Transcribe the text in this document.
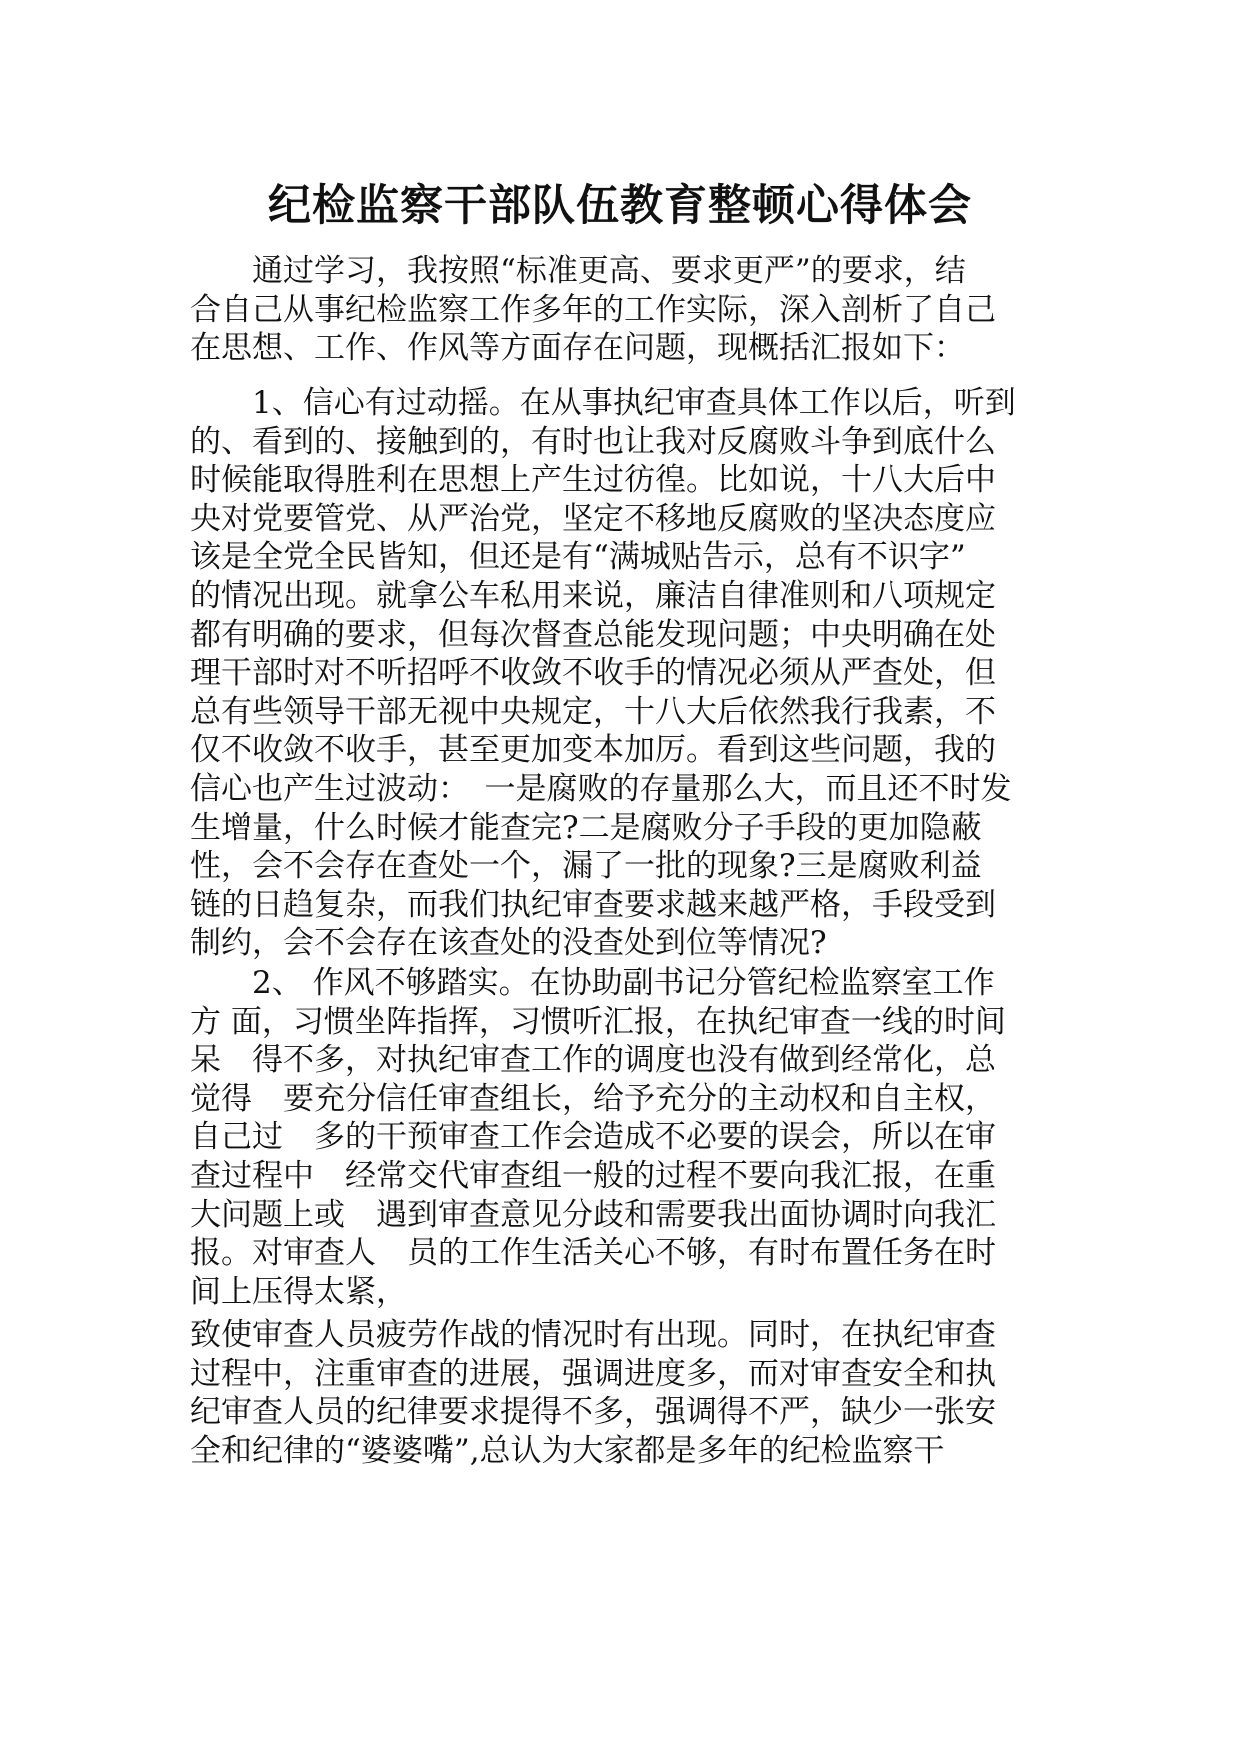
纪检监察干部队伍教育整顿心得体会
通过学习，我按照“标准更高、要求更严”的要求，结
合自己从事纪检监察工作多年的工作实际，深入剖析了自己
在思想、工作、作风等方面存在问题，现概括汇报如下：
1、信心有过动摇。在从事执纪审查具体工作以后，听到
的、看到的、接触到的，有时也让我对反腐败斗争到底什么
时候能取得胜利在思想上产生过彷徨。比如说，十八大后中
央对党要管党、从严治党，坚定不移地反腐败的坚决态度应
该是全党全民皆知，但还是有“满城贴告示，总有不识字”
的情况出现。就拿公车私用来说，廉洁自律准则和八项规定
都有明确的要求，但每次督查总能发现问题；中央明确在处
理干部时对不听招呼不收敛不收手的情况必须从严查处，但
总有些领导干部无视中央规定，十八大后依然我行我素，不
仅不收敛不收手，甚至更加变本加厉。看到这些问题，我的
信心也产生过波动：　一是腐败的存量那么大，而且还不时发
生增量，什么时候才能查完?二是腐败分子手段的更加隐蔽
性，会不会存在查处一个，漏了一批的现象?三是腐败利益
链的日趋复杂，而我们执纪审查要求越来越严格，手段受到
制约，会不会存在该查处的没查处到位等情况?
2、 作风不够踏实。在协助副书记分管纪检监察室工作
方 面，习惯坐阵指挥，习惯听汇报，在执纪审查一线的时间
呆　得不多，对执纪审查工作的调度也没有做到经常化，总
觉得　要充分信任审查组长，给予充分的主动权和自主权，
自己过　多的干预审查工作会造成不必要的误会，所以在审
查过程中　经常交代审查组一般的过程不要向我汇报，在重
大问题上或　遇到审查意见分歧和需要我出面协调时向我汇
报。对审查人　员的工作生活关心不够，有时布置任务在时
间上压得太紧，
致使审查人员疲劳作战的情况时有出现。同时，在执纪审查
过程中，注重审查的进展，强调进度多，而对审查安全和执
纪审查人员的纪律要求提得不多，强调得不严，缺少一张安
全和纪律的“婆婆嘴”,总认为大家都是多年的纪检监察干
